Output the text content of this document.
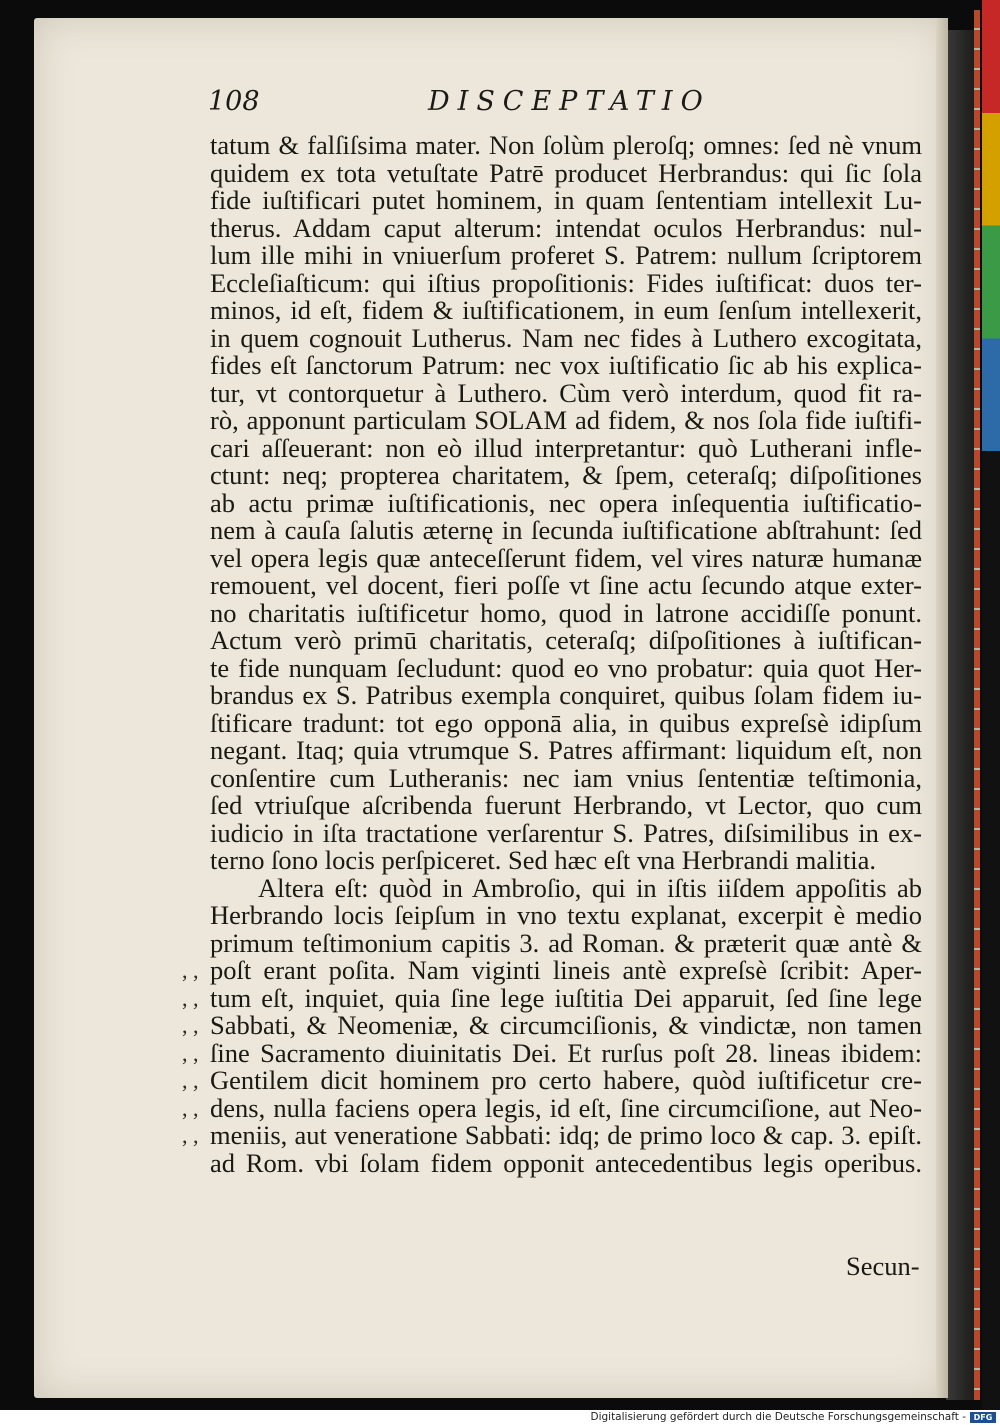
108	DISCEPTATIO
tatum & falſiſsima mater. Non ſolùm pleroſq; omnes: ſed nè vnum
quidem ex tota vetuſtate Patrē producet Herbrandus: qui ſic ſola
fide iuſtificari putet hominem, in quam ſententiam intellexit Lu-
therus. Addam caput alterum: intendat oculos Herbrandus: nul-
lum ille mihi in vniuerſum proferet S. Patrem: nullum ſcriptorem
Eccleſiaſticum: qui iſtius propoſitionis: Fides iuſtificat: duos ter-
minos, id eſt, fidem & iuſtificationem, in eum ſenſum intellexerit,
in quem cognouit Lutherus. Nam nec fides à Luthero excogitata,
fides eſt ſanctorum Patrum: nec vox iuſtificatio ſic ab his explica-
tur, vt contorquetur à Luthero. Cùm verò interdum, quod fit ra-
rò, apponunt particulam SOLAM ad fidem, & nos ſola fide iuſtifi-
cari aſſeuerant: non eò illud interpretantur: quò Lutherani infle-
ctunt: neq; propterea charitatem, & ſpem, ceteraſq; diſpoſitiones
ab actu primæ iuſtificationis, nec opera inſequentia iuſtificatio-
nem à cauſa ſalutis æternę in ſecunda iuſtificatione abſtrahunt: ſed
vel opera legis quæ anteceſſerunt fidem, vel vires naturæ humanæ
remouent, vel docent, fieri poſſe vt ſine actu ſecundo atque exter-
no charitatis iuſtificetur homo, quod in latrone accidiſſe ponunt.
Actum verò primū charitatis, ceteraſq; diſpoſitiones à iuſtifican-
te fide nunquam ſecludunt: quod eo vno probatur: quia quot Her-
brandus ex S. Patribus exempla conquiret, quibus ſolam fidem iu-
ſtificare tradunt: tot ego opponā alia, in quibus expreſsè idipſum
negant. Itaq; quia vtrumque S. Patres affirmant: liquidum eſt, non
conſentire cum Lutheranis: nec iam vnius ſententiæ teſtimonia,
ſed vtriuſque aſcribenda fuerunt Herbrando, vt Lector, quo cum
iudicio in iſta tractatione verſarentur S. Patres, diſsimilibus in ex-
terno ſono locis perſpiceret. Sed hæc eſt vna Herbrandi malitia.
Altera eſt: quòd in Ambroſio, qui in iſtis iiſdem appoſitis ab
Herbrando locis ſeipſum in vno textu explanat, excerpit è medio
primum teſtimonium capitis 3. ad Roman. & præterit quæ antè &
, , poſt erant poſita. Nam viginti lineis antè expreſsè ſcribit: Aper-
, , tum eſt, inquiet, quia ſine lege iuſtitia Dei apparuit, ſed ſine lege
, , Sabbati, & Neomeniæ, & circumciſionis, & vindictæ, non tamen
, , ſine Sacramento diuinitatis Dei. Et rurſus poſt 28. lineas ibidem:
, , Gentilem dicit hominem pro certo habere, quòd iuſtificetur cre-
, , dens, nulla faciens opera legis, id eſt, ſine circumciſione, aut Neo-
, , meniis, aut veneratione Sabbati: idq; de primo loco & cap. 3. epiſt.
ad Rom. vbi ſolam fidem opponit antecedentibus legis operibus.
Secun-
Digitalisierung gefördert durch die Deutsche Forschungsgemeinschaft - DFG
